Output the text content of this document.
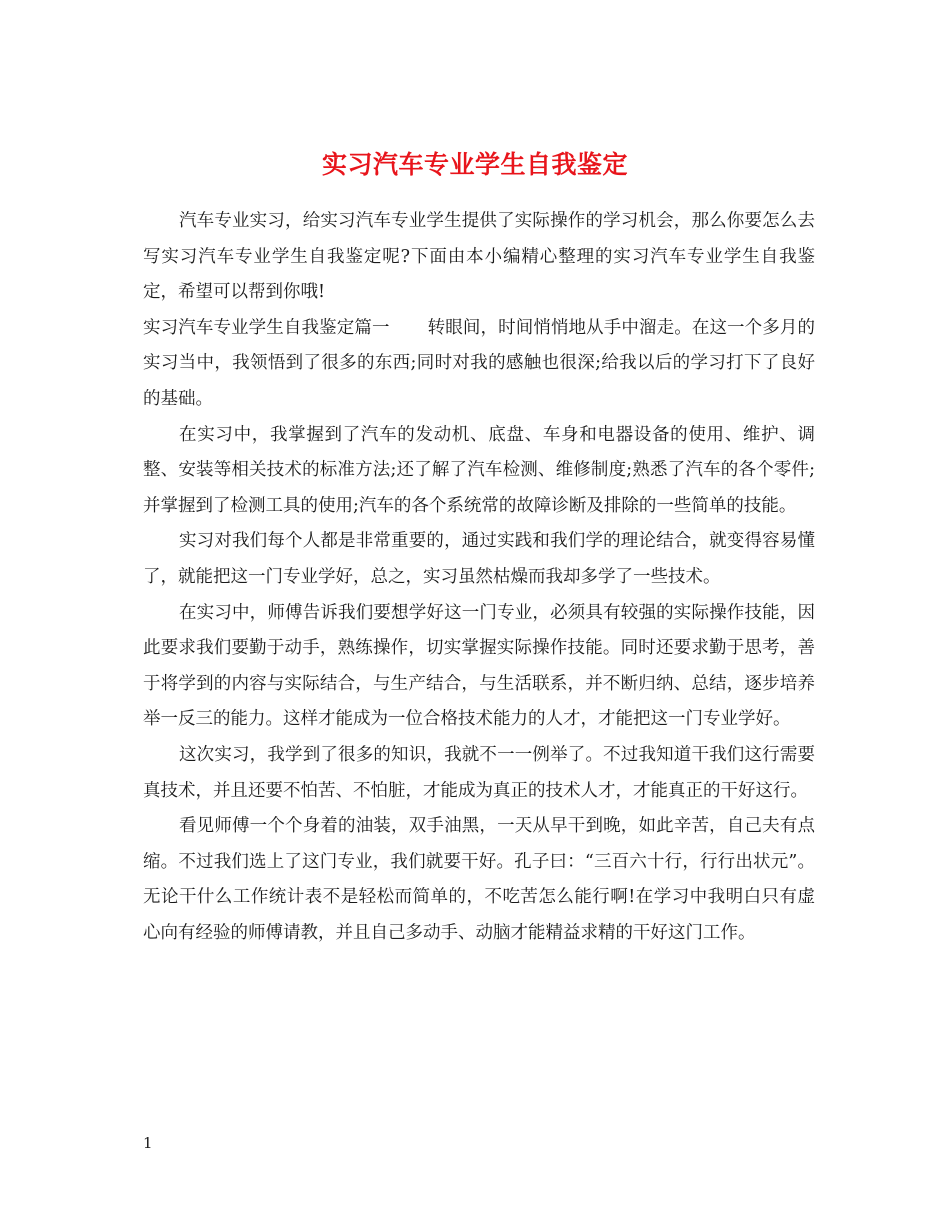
实习汽车专业学生自我鉴定

汽车专业实习，给实习汽车专业学生提供了实际操作的学习机会，那么你要怎么去写实习汽车专业学生自我鉴定呢?下面由本小编精心整理的实习汽车专业学生自我鉴定，希望可以帮到你哦!

实习汽车专业学生自我鉴定篇一 转眼间，时间悄悄地从手中溜走。在这一个多月的实习当中，我领悟到了很多的东西;同时对我的感触也很深;给我以后的学习打下了良好的基础。

在实习中，我掌握到了汽车的发动机、底盘、车身和电器设备的使用、维护、调整、安装等相关技术的标准方法;还了解了汽车检测、维修制度;熟悉了汽车的各个零件;并掌握到了检测工具的使用;汽车的各个系统常的故障诊断及排除的一些简单的技能。

实习对我们每个人都是非常重要的，通过实践和我们学的理论结合，就变得容易懂了，就能把这一门专业学好，总之，实习虽然枯燥而我却多学了一些技术。

在实习中，师傅告诉我们要想学好这一门专业，必须具有较强的实际操作技能，因此要求我们要勤于动手，熟练操作，切实掌握实际操作技能。同时还要求勤于思考，善于将学到的内容与实际结合，与生产结合，与生活联系，并不断归纳、总结，逐步培养举一反三的能力。这样才能成为一位合格技术能力的人才，才能把这一门专业学好。

这次实习，我学到了很多的知识，我就不一一例举了。不过我知道干我们这行需要真技术，并且还要不怕苦、不怕脏，才能成为真正的技术人才，才能真正的干好这行。

看见师傅一个个身着的油装，双手油黑，一天从早干到晚，如此辛苦，自己夫有点缩。不过我们选上了这门专业，我们就要干好。孔子曰：“三百六十行，行行出状元”。无论干什么工作统计表不是轻松而简单的，不吃苦怎么能行啊!在学习中我明白只有虚心向有经验的师傅请教，并且自己多动手、动脑才能精益求精的干好这门工作。

1
